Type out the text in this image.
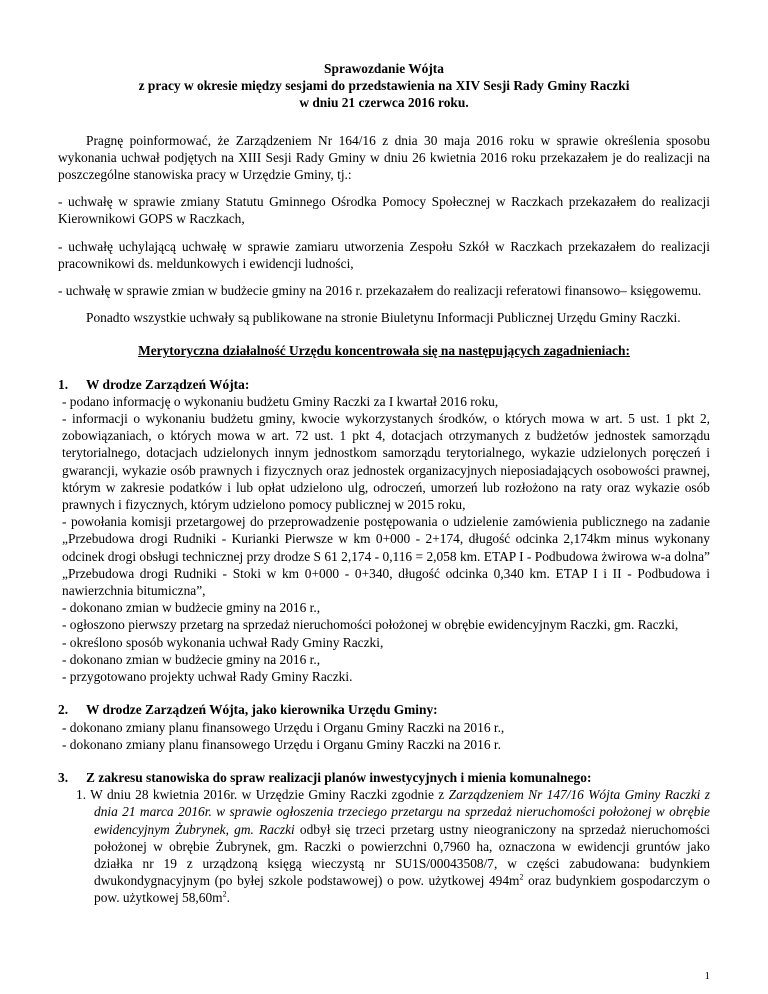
Sprawozdanie Wójta

z pracy w okresie między sesjami do przedstawienia na XIV Sesji Rady Gminy Raczki

w dniu 21 czerwca 2016 roku.

Pragnę poinformować, że Zarządzeniem Nr 164/16 z dnia 30 maja 2016 roku w sprawie określenia sposobu wykonania uchwał podjętych na XIII Sesji Rady Gminy w dniu 26 kwietnia 2016 roku przekazałem je do realizacji na poszczególne stanowiska pracy w Urzędzie Gminy, tj.:

- uchwałę w sprawie zmiany Statutu Gminnego Ośrodka Pomocy Społecznej w Raczkach przekazałem do realizacji Kierownikowi GOPS w Raczkach,

- uchwałę uchylającą uchwałę w sprawie zamiaru utworzenia Zespołu Szkół w Raczkach przekazałem do realizacji pracownikowi ds. meldunkowych i ewidencji ludności,

- uchwałę w sprawie zmian w budżecie gminy na 2016 r. przekazałem do realizacji referatowi finansowo– księgowemu.

Ponadto wszystkie uchwały są publikowane na stronie Biuletynu Informacji Publicznej Urzędu Gminy Raczki.

Merytoryczna działalność Urzędu koncentrowała się na następujących zagadnieniach:

1. W drodze Zarządzeń Wójta:

- podano informację o wykonaniu budżetu Gminy Raczki za I kwartał 2016 roku,

- informacji o wykonaniu budżetu gminy, kwocie wykorzystanych środków, o których mowa w art. 5 ust. 1 pkt 2, zobowiązaniach, o których mowa w art. 72 ust. 1 pkt 4, dotacjach otrzymanych z budżetów jednostek samorządu terytorialnego, dotacjach udzielonych innym jednostkom samorządu terytorialnego, wykazie udzielonych poręczeń i gwarancji, wykazie osób prawnych i fizycznych oraz jednostek organizacyjnych nieposiadających osobowości prawnej, którym w zakresie podatków i lub opłat udzielono ulg, odroczeń, umorzeń lub rozłożono na raty oraz wykazie osób prawnych i fizycznych, którym udzielono pomocy publicznej w 2015 roku,

- powołania komisji przetargowej do przeprowadzenie postępowania o udzielenie zamówienia publicznego na zadanie „Przebudowa drogi Rudniki - Kurianki Pierwsze w km 0+000 - 2+174, długość odcinka 2,174km minus wykonany odcinek drogi obsługi technicznej przy drodze S 61 2,174 - 0,116 = 2,058 km. ETAP I - Podbudowa żwirowa w-a dolna” „Przebudowa drogi Rudniki - Stoki w km 0+000 - 0+340, długość odcinka 0,340 km. ETAP I i II - Podbudowa i nawierzchnia bitumiczna”,

- dokonano zmian w budżecie gminy na 2016 r.,

- ogłoszono pierwszy przetarg na sprzedaż nieruchomości położonej w obrębie ewidencyjnym Raczki, gm. Raczki,

- określono sposób wykonania uchwał Rady Gminy Raczki,

- dokonano zmian w budżecie gminy na 2016 r.,

- przygotowano projekty uchwał Rady Gminy Raczki.

2. W drodze Zarządzeń Wójta, jako kierownika Urzędu Gminy:

- dokonano zmiany planu finansowego Urzędu i Organu Gminy Raczki na 2016 r.,

- dokonano zmiany planu finansowego Urzędu i Organu Gminy Raczki na 2016 r.

3. Z zakresu stanowiska do spraw realizacji planów inwestycyjnych i mienia komunalnego:

1. W dniu 28 kwietnia 2016r. w Urzędzie Gminy Raczki zgodnie z Zarządzeniem Nr 147/16 Wójta Gminy Raczki z dnia 21 marca 2016r. w sprawie ogłoszenia trzeciego przetargu na sprzedaż nieruchomości położonej w obrębie ewidencyjnym Żubrynek, gm. Raczki odbył się trzeci przetarg ustny nieograniczony na sprzedaż nieruchomości położonej w obrębie Żubrynek, gm. Raczki o powierzchni 0,7960 ha, oznaczona w ewidencji gruntów jako działka nr 19 z urządzoną księgą wieczystą nr SU1S/00043508/7, w części zabudowana: budynkiem dwukondygnacyjnym (po byłej szkole podstawowej) o pow. użytkowej $494m^2$ oraz budynkiem gospodarczym o pow. użytkowej $58,60m^2$.

1
